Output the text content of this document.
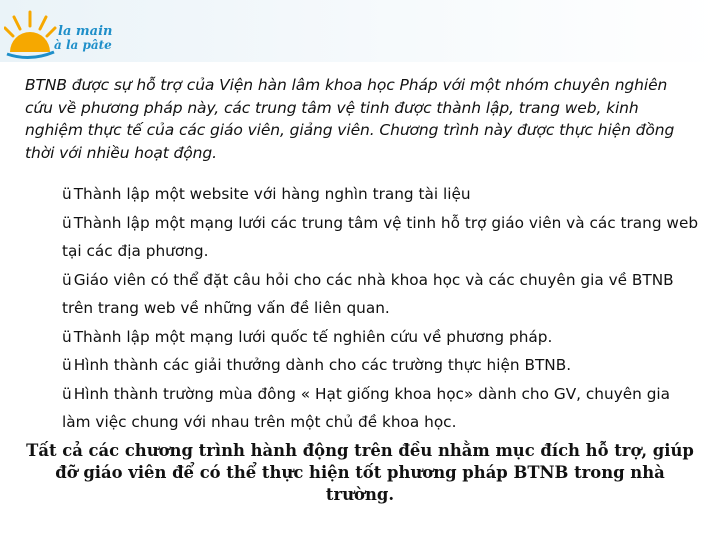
la main
à la pâte
BTNB được sự hỗ trợ của Viện hàn lâm khoa học Pháp với một nhóm chuyên nghiên cứu về phương pháp này, các trung tâm vệ tinh được thành lập, trang web, kinh nghiệm thực tế của các giáo viên, giảng viên. Chương trình này được thực hiện đồng thời với nhiều hoạt động.
ü Thành lập một website với hàng nghìn trang tài liệu
ü Thành lập một mạng lưới các trung tâm vệ tinh hỗ trợ giáo viên và các trang web tại các địa phương.
ü Giáo viên có thể đặt câu hỏi cho các nhà khoa học và các chuyên gia về BTNB trên trang web về những vấn đề liên quan.
ü Thành lập một mạng lưới quốc tế nghiên cứu về phương pháp.
ü Hình thành các giải thưởng dành cho các trường thực hiện BTNB.
ü Hình thành trường mùa đông « Hạt giống khoa học» dành cho GV, chuyên gia làm việc chung với nhau trên một chủ đề khoa học.
Tất cả các chương trình hành động trên đều nhằm mục đích hỗ trợ, giúp đỡ giáo viên để có thể thực hiện tốt phương pháp BTNB trong nhà trường.
